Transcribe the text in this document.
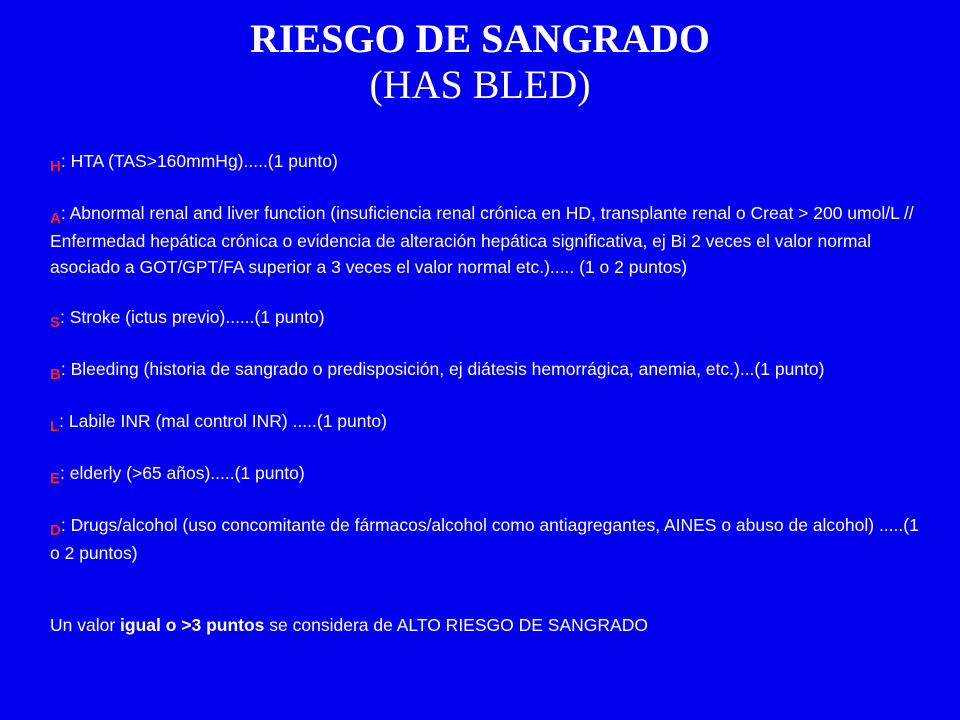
RIESGO DE SANGRADO
(HAS BLED)
H: HTA (TAS>160mmHg).....(1 punto)
A: Abnormal renal and liver function (insuficiencia renal crónica en HD, transplante renal o Creat > 200 umol/L // Enfermedad hepática crónica o evidencia de alteración hepática significativa, ej Bi 2 veces el valor normal asociado a GOT/GPT/FA superior a 3 veces el valor normal etc.)..... (1 o 2 puntos)
S: Stroke (ictus previo)......(1 punto)
B: Bleeding (historia de sangrado o predisposición, ej diátesis hemorrágica, anemia, etc.)...(1 punto)
L: Labile INR (mal control INR) .....(1 punto)
E: elderly (>65 años).....(1 punto)
D: Drugs/alcohol (uso concomitante de fármacos/alcohol como antiagregantes, AINES o abuso de alcohol) .....(1 o 2 puntos)
Un valor igual o >3 puntos se considera de ALTO RIESGO DE SANGRADO
